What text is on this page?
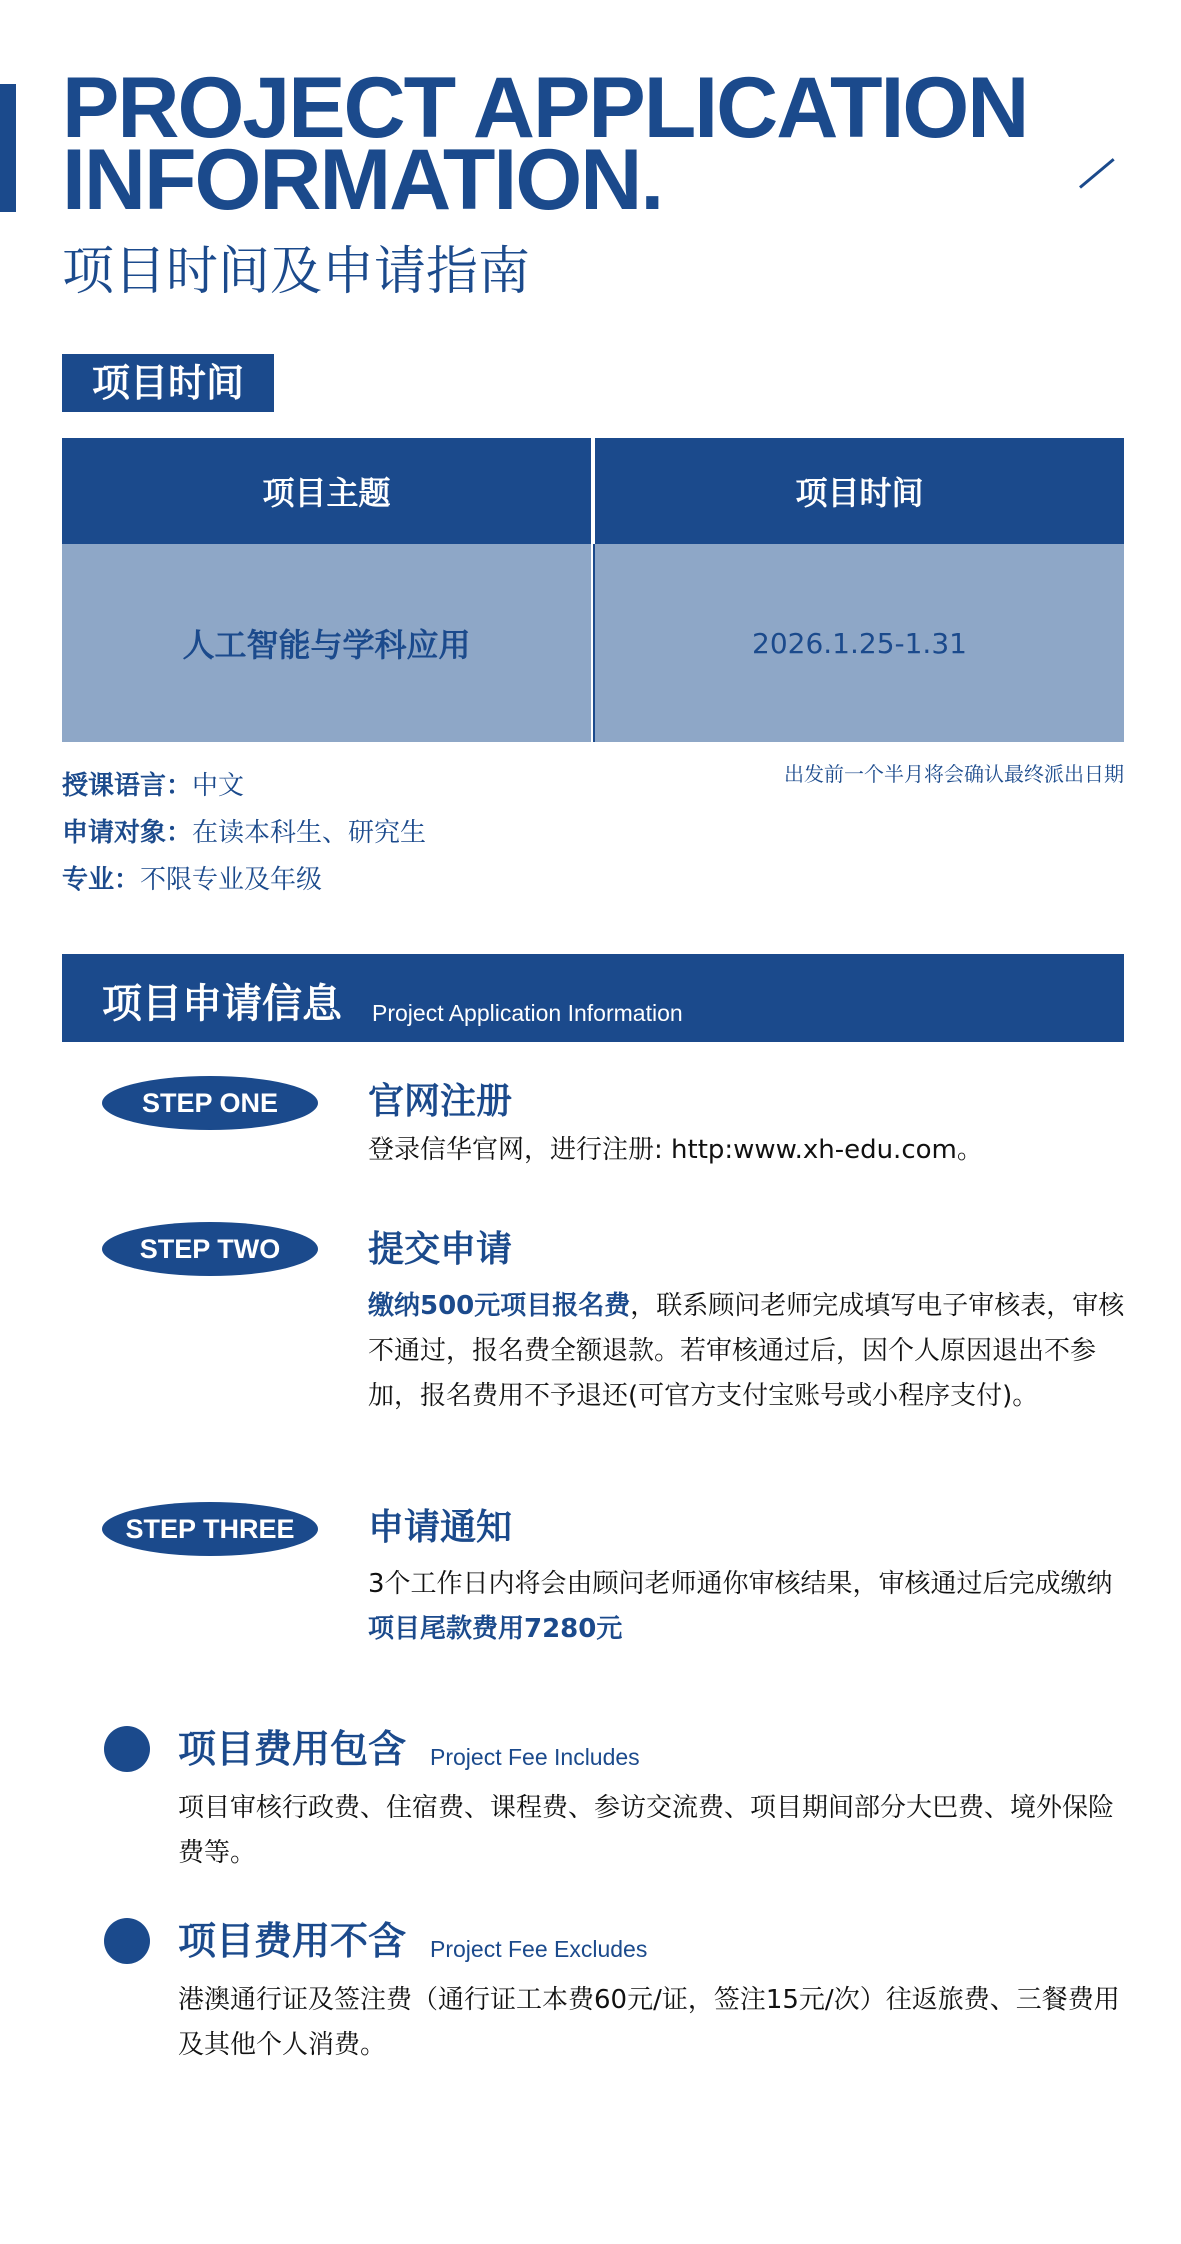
PROJECT APPLICATION
INFORMATION.
项目时间及申请指南
项目时间
项目主题	项目时间
人工智能与学科应用	2026.1.25-1.31
出发前一个半月将会确认最终派出日期
授课语言：中文
申请对象：在读本科生、研究生
专业：不限专业及年级
项目申请信息 Project Application Information
STEP ONE	官网注册
登录信华官网，进行注册: http:www.xh-edu.com。
STEP TWO	提交申请
缴纳500元项目报名费，联系顾问老师完成填写电子审核表，审核不通过，报名费全额退款。若审核通过后，因个人原因退出不参加，报名费用不予退还(可官方支付宝账号或小程序支付)。
STEP THREE	申请通知
3个工作日内将会由顾问老师通你审核结果，审核通过后完成缴纳项目尾款费用7280元
项目费用包含 Project Fee Includes
项目审核行政费、住宿费、课程费、参访交流费、项目期间部分大巴费、境外保险费等。
项目费用不含 Project Fee Excludes
港澳通行证及签注费（通行证工本费60元/证，签注15元/次）往返旅费、三餐费用及其他个人消费。
